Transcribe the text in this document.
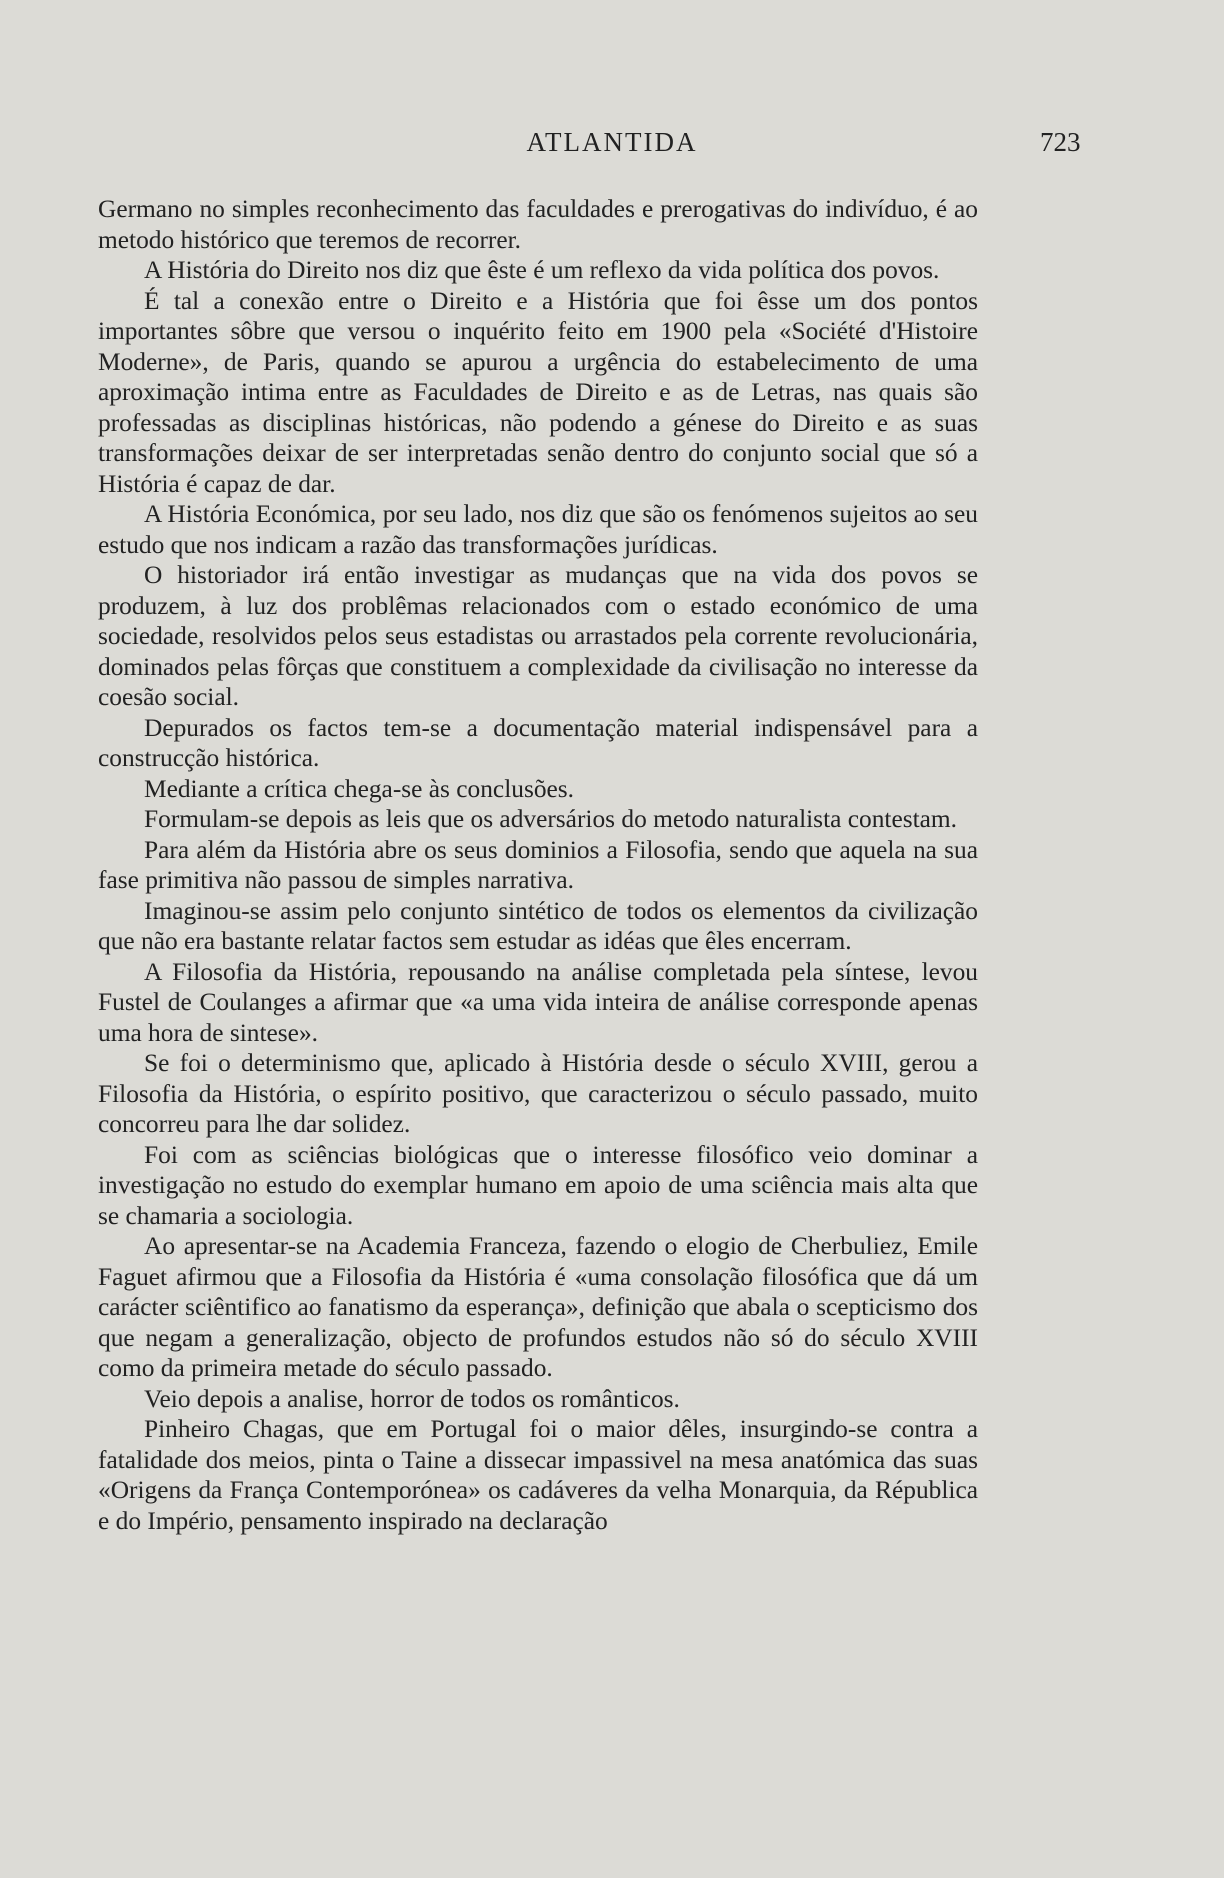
ATLANTIDA	723

Germano no simples reconhecimento das faculdades e prerogativas do indivíduo, é ao metodo histórico que teremos de recorrer.

A História do Direito nos diz que êste é um reflexo da vida política dos povos.

É tal a conexão entre o Direito e a História que foi êsse um dos pontos importantes sôbre que versou o inquérito feito em 1900 pela «Société d'Histoire Moderne», de Paris, quando se apurou a urgência do estabelecimento de uma aproximação intima entre as Faculdades de Direito e as de Letras, nas quais são professadas as disciplinas históricas, não podendo a génese do Direito e as suas transformações deixar de ser interpretadas senão dentro do conjunto social que só a História é capaz de dar.

A História Económica, por seu lado, nos diz que são os fenómenos sujeitos ao seu estudo que nos indicam a razão das transformações jurídicas.

O historiador irá então investigar as mudanças que na vida dos povos se produzem, à luz dos problêmas relacionados com o estado económico de uma sociedade, resolvidos pelos seus estadistas ou arrastados pela corrente revolucionária, dominados pelas fôrças que constituem a complexidade da civilisação no interesse da coesão social.

Depurados os factos tem-se a documentação material indispensável para a construcção histórica.

Mediante a crítica chega-se às conclusões.

Formulam-se depois as leis que os adversários do metodo naturalista contestam.

Para além da História abre os seus dominios a Filosofia, sendo que aquela na sua fase primitiva não passou de simples narrativa.

Imaginou-se assim pelo conjunto sintético de todos os elementos da civilização que não era bastante relatar factos sem estudar as idéas que êles encerram.

A Filosofia da História, repousando na análise completada pela síntese, levou Fustel de Coulanges a afirmar que «a uma vida inteira de análise corresponde apenas uma hora de sintese».

Se foi o determinismo que, aplicado à História desde o século XVIII, gerou a Filosofia da História, o espírito positivo, que caracterizou o século passado, muito concorreu para lhe dar solidez.

Foi com as sciências biológicas que o interesse filosófico veio dominar a investigação no estudo do exemplar humano em apoio de uma sciência mais alta que se chamaria a sociologia.

Ao apresentar-se na Academia Franceza, fazendo o elogio de Cherbuliez, Emile Faguet afirmou que a Filosofia da História é «uma consolação filosófica que dá um carácter sciêntifico ao fanatismo da esperança», definição que abala o scepticismo dos que negam a generalização, objecto de profundos estudos não só do século XVIII como da primeira metade do século passado.

Veio depois a analise, horror de todos os românticos.

Pinheiro Chagas, que em Portugal foi o maior dêles, insurgindo-se contra a fatalidade dos meios, pinta o Taine a dissecar impassivel na mesa anatómica das suas «Origens da França Contemporónea» os cadáveres da velha Monarquia, da Républica e do Império, pensamento inspirado na declaração
